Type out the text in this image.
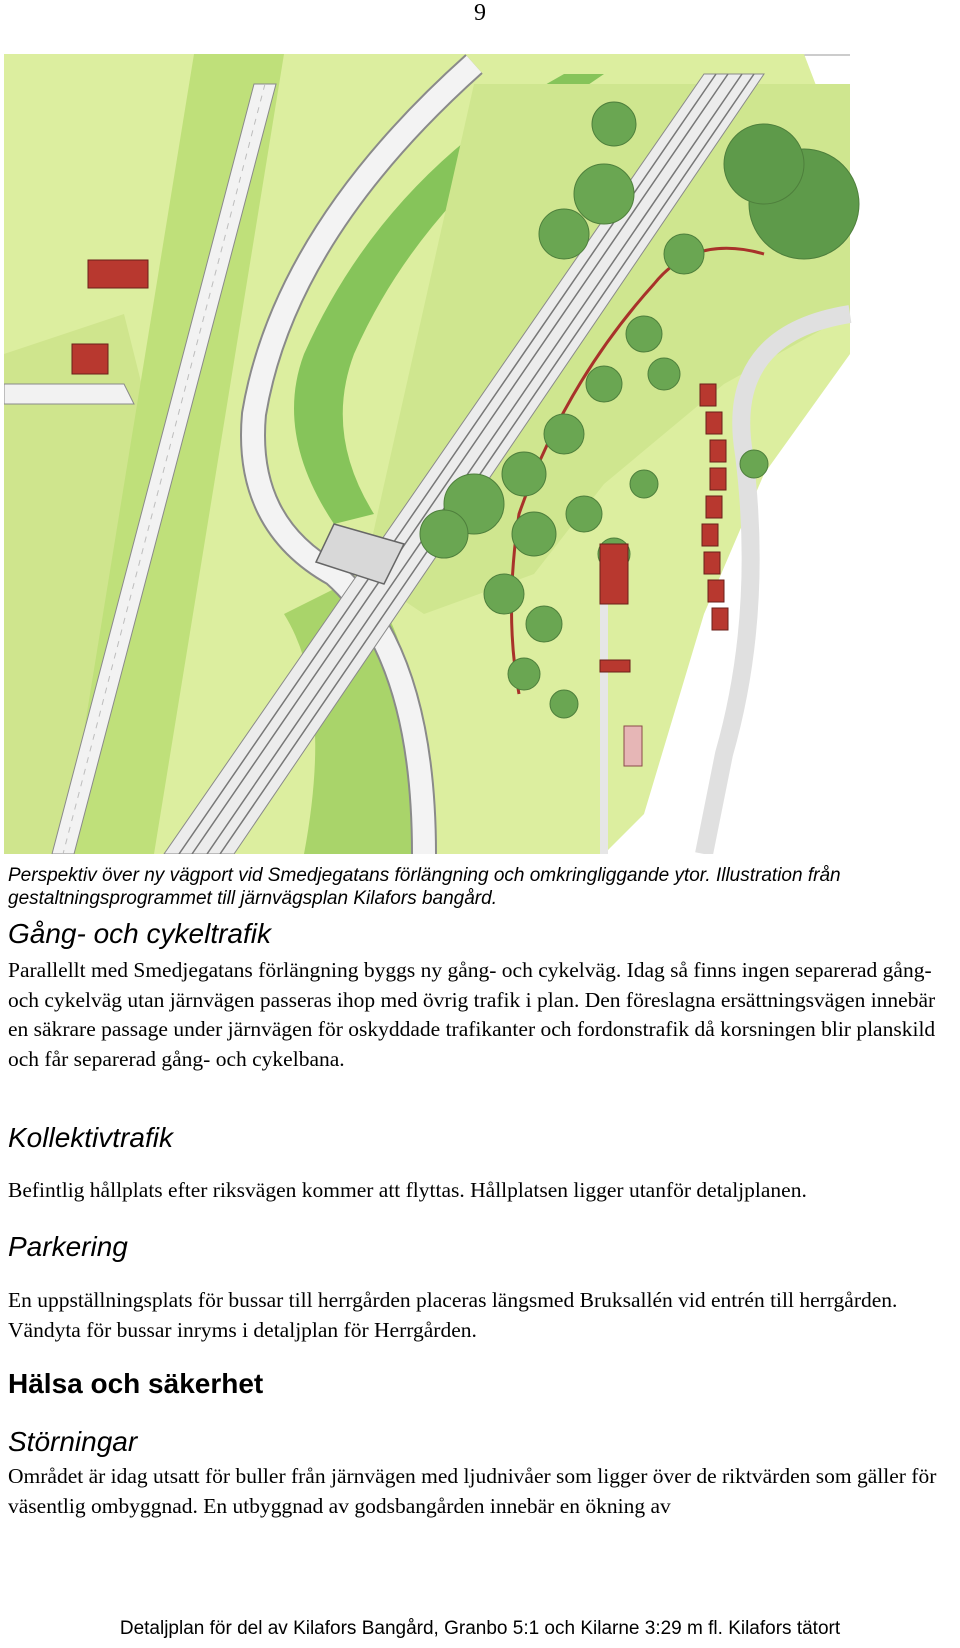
9

Perspektiv över ny vägport vid Smedjegatans förlängning och omkringliggande ytor. Illustration från gestaltningsprogrammet till järnvägsplan Kilafors bangård.

Gång- och cykeltrafik

Parallellt med Smedjegatans förlängning byggs ny gång- och cykelväg. Idag så finns ingen separerad gång- och cykelväg utan järnvägen passeras ihop med övrig trafik i plan. Den föreslagna ersättningsvägen innebär en säkrare passage under järnvägen för oskyddade trafikanter och fordonstrafik då korsningen blir planskild och får separerad gång- och cykelbana.

Kollektivtrafik

Befintlig hållplats efter riksvägen kommer att flyttas. Hållplatsen ligger utanför detaljplanen.

Parkering

En uppställningsplats för bussar till herrgården placeras längsmed Bruksallén vid entrén till herrgården. Vändyta för bussar inryms i detaljplan för Herrgården.

Hälsa och säkerhet
Störningar

Området är idag utsatt för buller från järnvägen med ljudnivåer som ligger över de riktvärden som gäller för väsentlig ombyggnad. En utbyggnad av godsbangården innebär en ökning av

Detaljplan för del av Kilafors Bangård, Granbo 5:1 och Kilarne 3:29 m fl. Kilafors tätort
